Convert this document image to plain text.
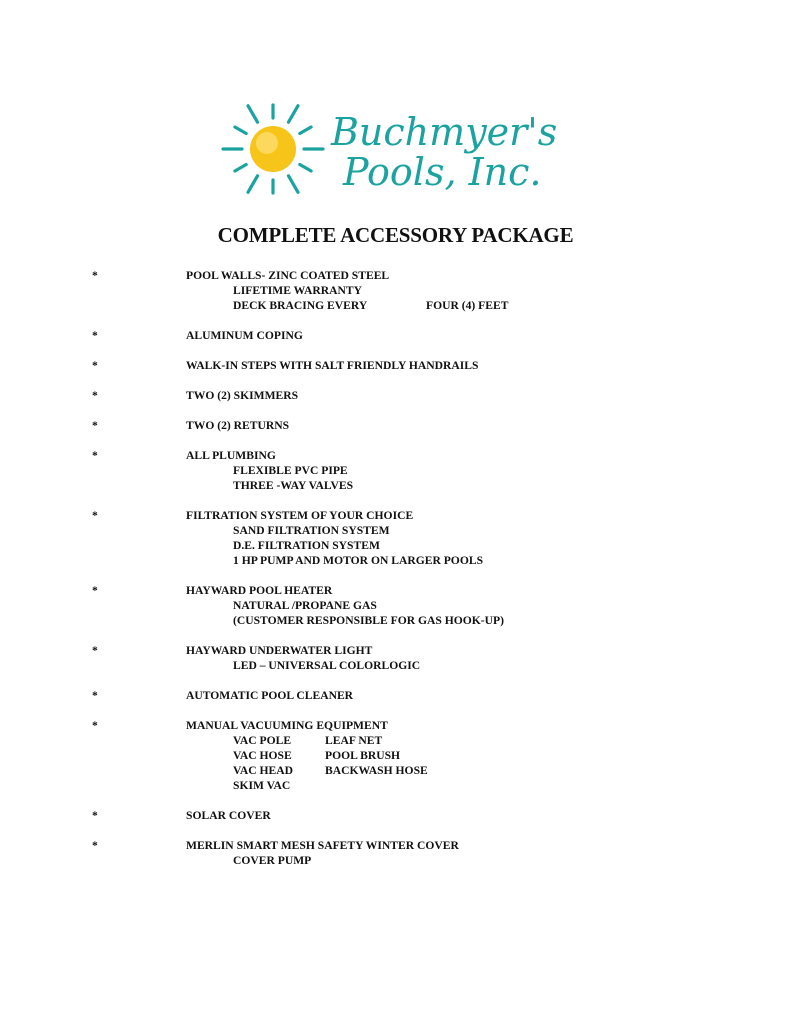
Buchmyer's
Pools, Inc.
COMPLETE ACCESSORY PACKAGE
*	POOL WALLS- ZINC COATED STEEL
LIFETIME WARRANTY
DECK BRACING EVERY	FOUR (4) FEET
*	ALUMINUM COPING
*	WALK-IN STEPS WITH SALT FRIENDLY HANDRAILS
*	TWO (2) SKIMMERS
*	TWO (2) RETURNS
*	ALL PLUMBING
FLEXIBLE PVC PIPE
THREE -WAY VALVES
*	FILTRATION SYSTEM OF YOUR CHOICE
SAND FILTRATION SYSTEM
D.E. FILTRATION SYSTEM
1 HP PUMP AND MOTOR ON LARGER POOLS
*	HAYWARD POOL HEATER
NATURAL /PROPANE GAS
(CUSTOMER RESPONSIBLE FOR GAS HOOK-UP)
*	HAYWARD UNDERWATER LIGHT
LED – UNIVERSAL COLORLOGIC
*	AUTOMATIC POOL CLEANER
*	MANUAL VACUUMING EQUIPMENT
VAC POLE	LEAF NET
VAC HOSE	POOL BRUSH
VAC HEAD	BACKWASH HOSE
SKIM VAC
*	SOLAR COVER
*	MERLIN SMART MESH SAFETY WINTER COVER
COVER PUMP
